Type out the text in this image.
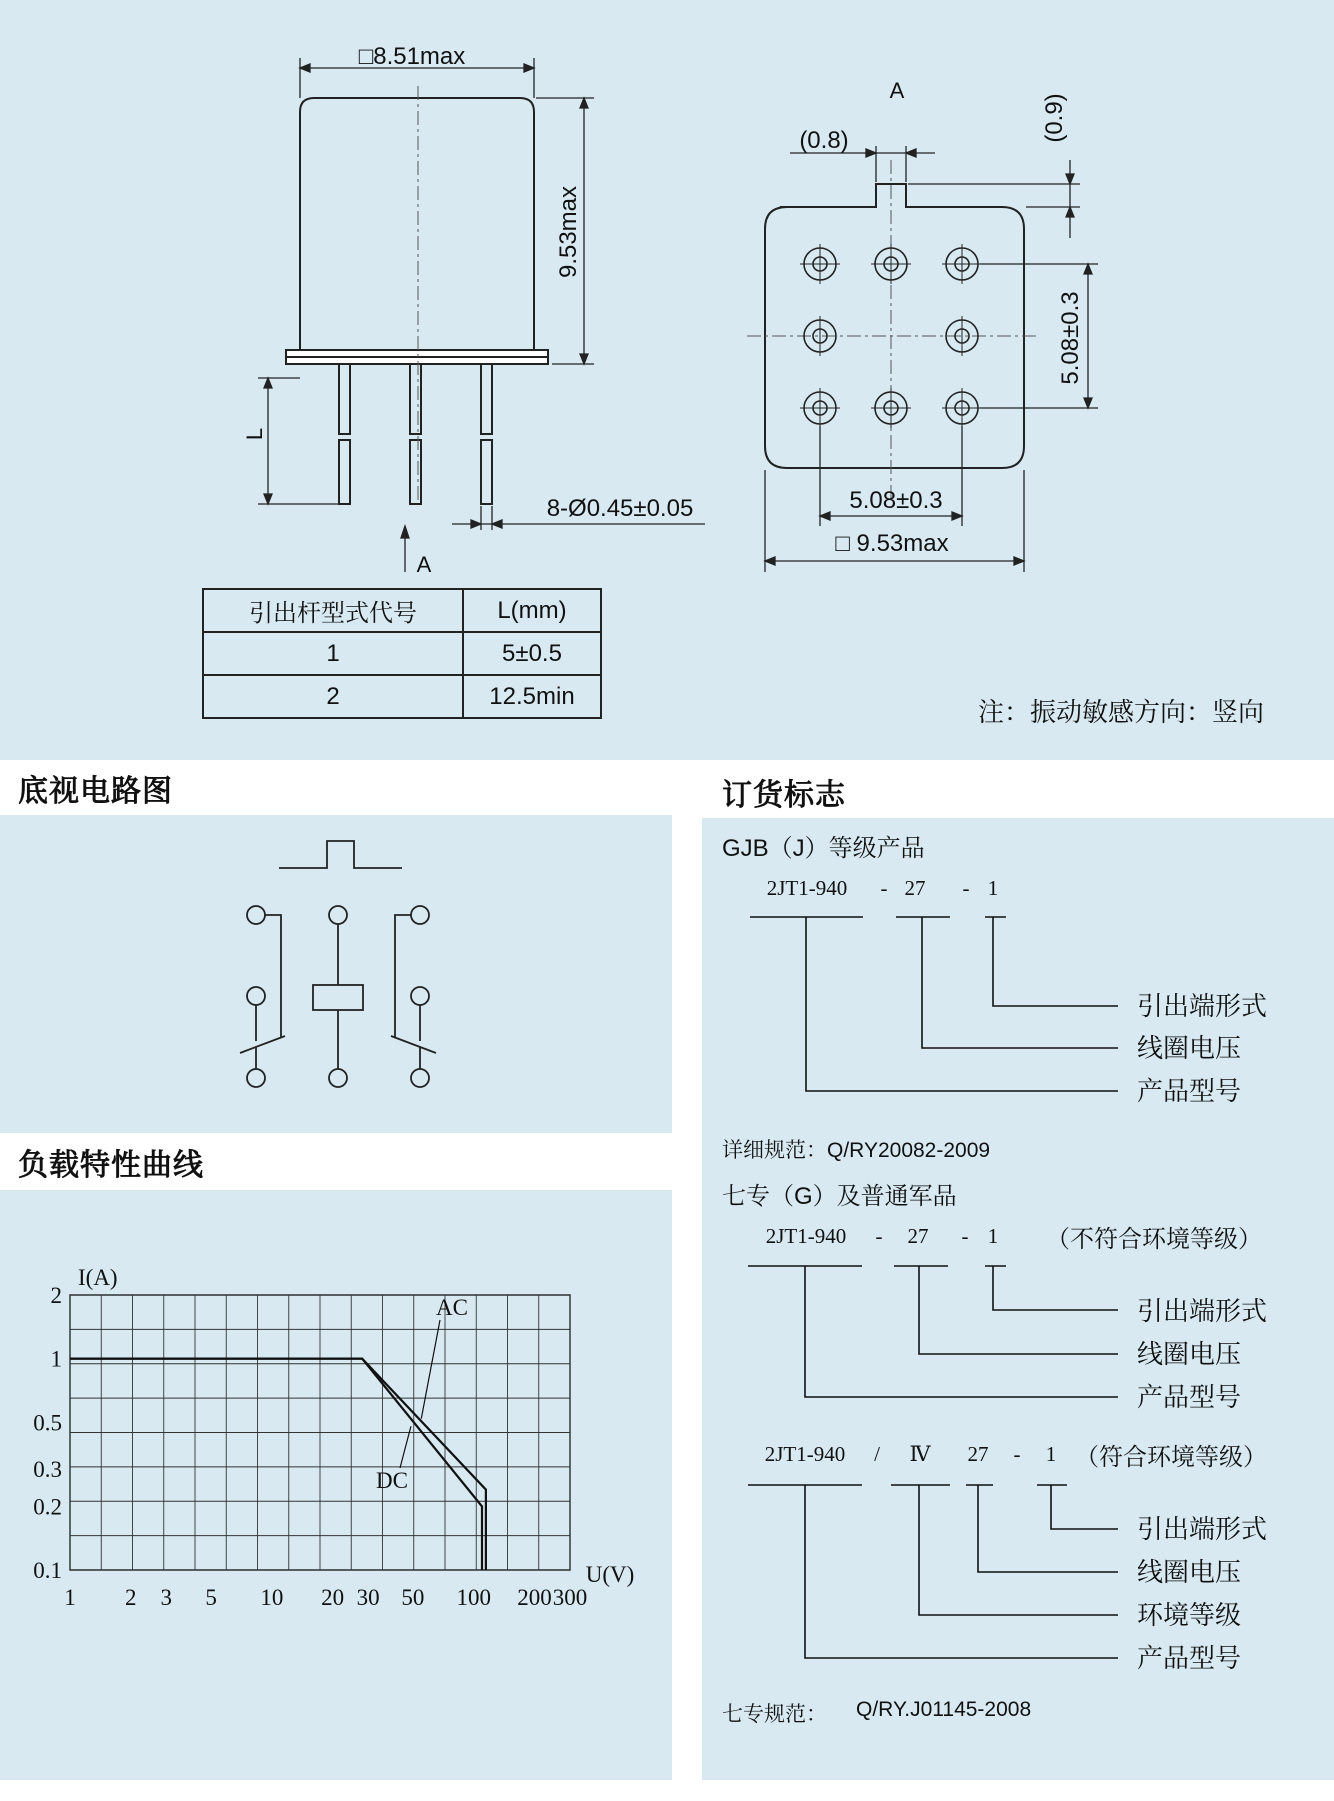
□8.51max
9.53max
L
8-Ø0.45±0.05
A
A
(0.8)	(0.9)
5.08±0.3
5.08±0.3
□ 9.53max
引出杆型式代号	L(mm)
1	5±0.5
2	12.5min
注：振动敏感方向：竖向
底视电路图
负载特性曲线
1 2 3 5 10 20 30 50 100 200 300
2
1
0.5
0.3
0.2
0.1
I(A)
U(V)
AC
DC
订货标志
GJB（J）等级产品
2JT1-940 - 27 - 1
引出端形式
线圈电压
产品型号
2JT1-940 - 27 - 1 （不符合环境等级）
引出端形式
线圈电压
产品型号
2JT1-940 / Ⅳ 27 - 1 （符合环境等级）
引出端形式
线圈电压
环境等级
产品型号
详细规范：Q/RY20082-2009
七专（G）及普通军品
七专规范： Q/RY.J01145-2008
